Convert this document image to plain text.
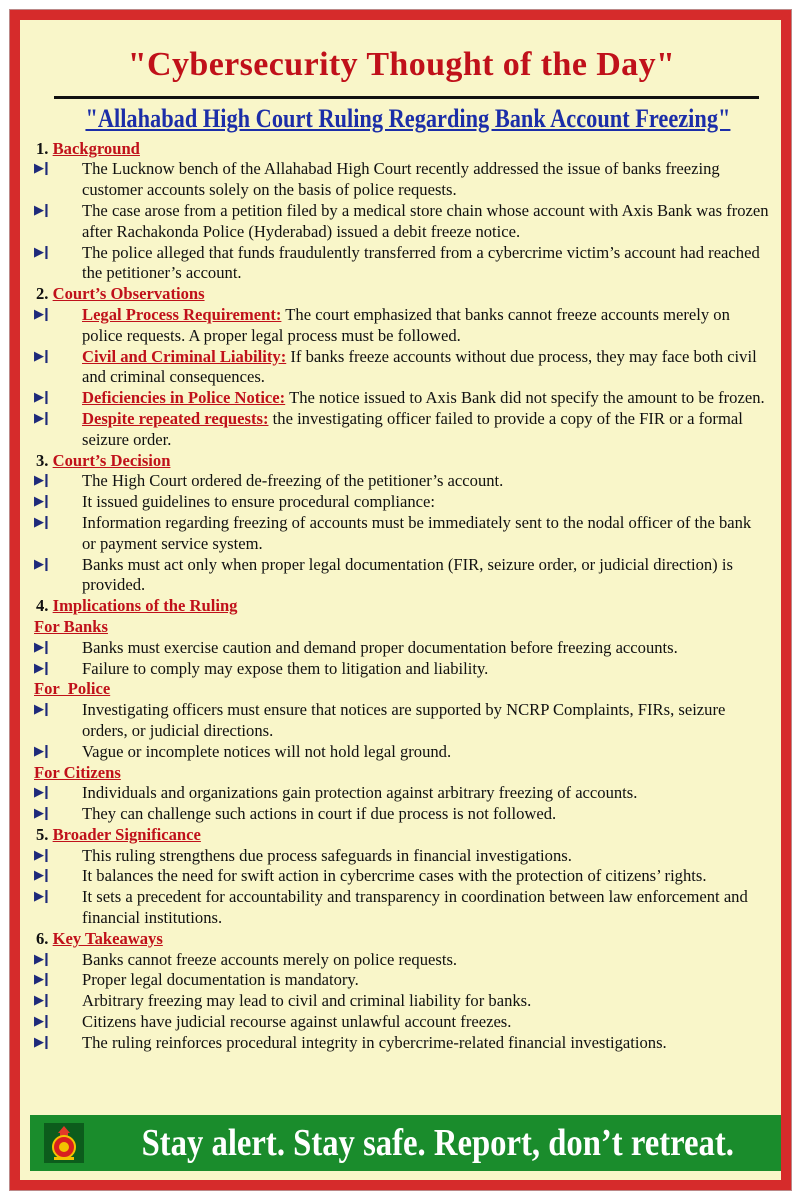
"Cybersecurity Thought of the Day"
"Allahabad High Court Ruling Regarding Bank Account Freezing"
1. Background
▶❙	The Lucknow bench of the Allahabad High Court recently addressed the issue of banks freezing customer accounts solely on the basis of police requests.
▶❙	The case arose from a petition filed by a medical store chain whose account with Axis Bank was frozen after Rachakonda Police (Hyderabad) issued a debit freeze notice.
▶❙	The police alleged that funds fraudulently transferred from a cybercrime victim’s account had reached the petitioner’s account.
2. Court’s Observations
▶❙	Legal Process Requirement: The court emphasized that banks cannot freeze accounts merely on police requests. A proper legal process must be followed.
▶❙	Civil and Criminal Liability: If banks freeze accounts without due process, they may face both civil and criminal consequences.
▶❙	Deficiencies in Police Notice: The notice issued to Axis Bank did not specify the amount to be frozen.
▶❙	Despite repeated requests: the investigating officer failed to provide a copy of the FIR or a formal seizure order.
3. Court’s Decision
▶❙	The High Court ordered de-freezing of the petitioner’s account.
▶❙	It issued guidelines to ensure procedural compliance:
▶❙	Information regarding freezing of accounts must be immediately sent to the nodal officer of the bank or payment service system.
▶❙	Banks must act only when proper legal documentation (FIR, seizure order, or judicial direction) is provided.
4. Implications of the Ruling
For Banks
▶❙	Banks must exercise caution and demand proper documentation before freezing accounts.
▶❙	Failure to comply may expose them to litigation and liability.
For  Police
▶❙	Investigating officers must ensure that notices are supported by NCRP Complaints, FIRs, seizure orders, or judicial directions.
▶❙	Vague or incomplete notices will not hold legal ground.
For Citizens
▶❙	Individuals and organizations gain protection against arbitrary freezing of accounts.
▶❙	They can challenge such actions in court if due process is not followed.
5. Broader Significance
▶❙	This ruling strengthens due process safeguards in financial investigations.
▶❙	It balances the need for swift action in cybercrime cases with the protection of citizens’ rights.
▶❙	It sets a precedent for accountability and transparency in coordination between law enforcement and financial institutions.
6. Key Takeaways
▶❙	Banks cannot freeze accounts merely on police requests.
▶❙	Proper legal documentation is mandatory.
▶❙	Arbitrary freezing may lead to civil and criminal liability for banks.
▶❙	Citizens have judicial recourse against unlawful account freezes.
▶❙	The ruling reinforces procedural integrity in cybercrime-related financial investigations.
Stay alert. Stay safe. Report, don’t retreat.
